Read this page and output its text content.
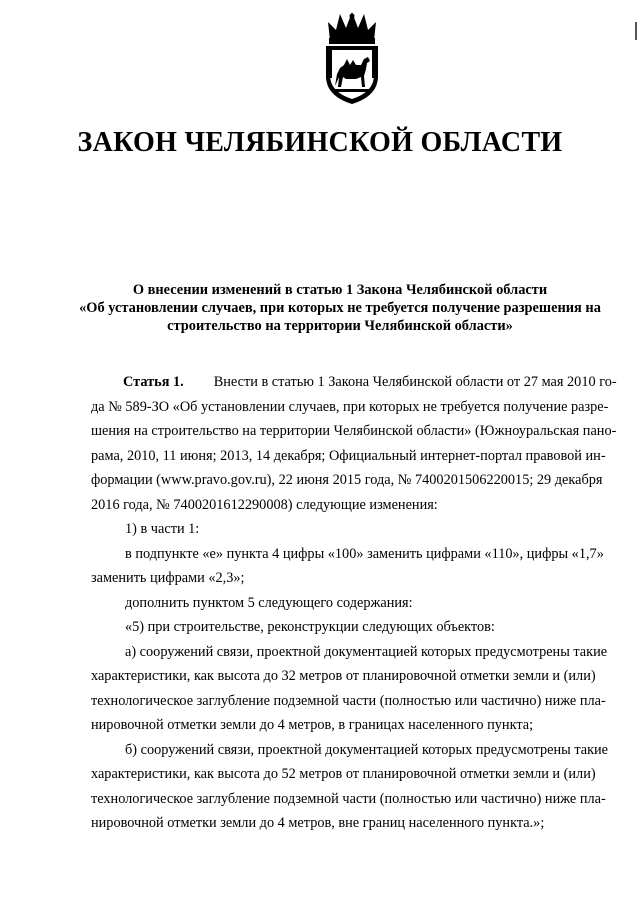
ЗАКОН ЧЕЛЯБИНСКОЙ ОБЛАСТИ
О внесении изменений в статью 1 Закона Челябинской области
«Об установлении случаев, при которых не требуется получение разрешения на
строительство на территории Челябинской области»
Статья 1. Внести в статью 1 Закона Челябинской области от 27 мая 2010 го-
да № 589-ЗО «Об установлении случаев, при которых не требуется получение разре-
шения на строительство на территории Челябинской области» (Южноуральская пано-
рама, 2010, 11 июня; 2013, 14 декабря; Официальный интернет-портал правовой ин-
формации (www.pravo.gov.ru), 22 июня 2015 года, № 7400201506220015; 29 декабря
2016 года, № 7400201612290008) следующие изменения:
1) в части 1:
в подпункте «е» пункта 4 цифры «100» заменить цифрами «110», цифры «1,7»
заменить цифрами «2,3»;
дополнить пунктом 5 следующего содержания:
«5) при строительстве, реконструкции следующих объектов:
а) сооружений связи, проектной документацией которых предусмотрены такие
характеристики, как высота до 32 метров от планировочной отметки земли и (или)
технологическое заглубление подземной части (полностью или частично) ниже пла-
нировочной отметки земли до 4 метров, в границах населенного пункта;
б) сооружений связи, проектной документацией которых предусмотрены такие
характеристики, как высота до 52 метров от планировочной отметки земли и (или)
технологическое заглубление подземной части (полностью или частично) ниже пла-
нировочной отметки земли до 4 метров, вне границ населенного пункта.»;
